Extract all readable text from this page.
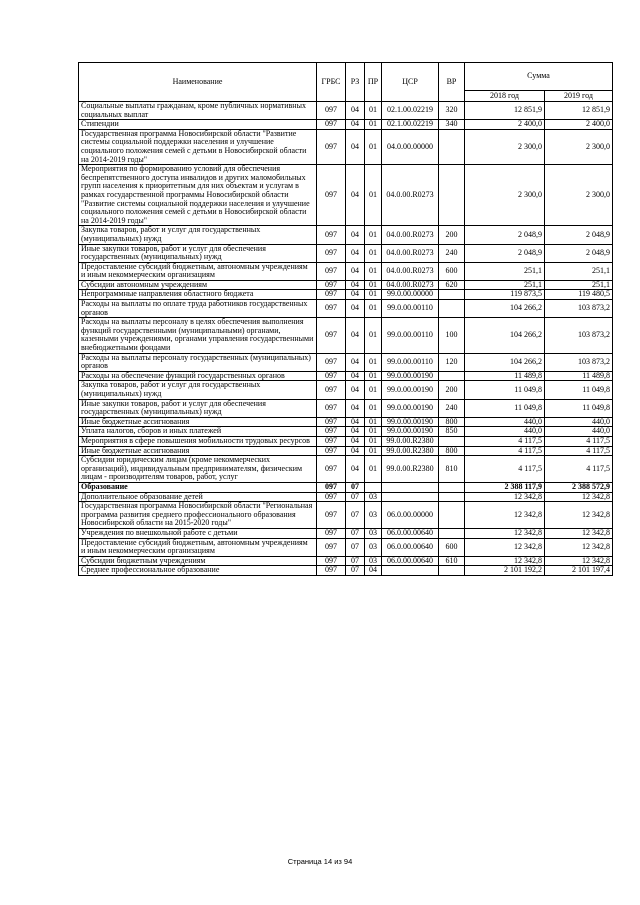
Наименование	ГРБС	РЗ	ПР	ЦСР	ВР	Сумма	
						2018 год	2019 год
Социальные выплаты гражданам, кроме публичных нормативных социальных выплат	097	04	01	02.1.00.02219	320	12 851,9	12 851,9
Стипендии	097	04	01	02.1.00.02219	340	2 400,0	2 400,0
Государственная программа Новосибирской области "Развитие системы социальной поддержки населения и улучшение социального положения семей с детьми в Новосибирской области на 2014-2019 годы"	097	04	01	04.0.00.00000		2 300,0	2 300,0
Мероприятия по формированию условий для обеспечения беспрепятственного доступа инвалидов и других маломобильных групп населения к приоритетным для них объектам и услугам в рамках государственной программы Новосибирской области "Развитие системы социальной поддержки населения и улучшение социального положения семей с детьми в Новосибирской области на 2014-2019 годы"	097	04	01	04.0.00.R0273		2 300,0	2 300,0
Закупка товаров, работ и услуг для государственных (муниципальных) нужд	097	04	01	04.0.00.R0273	200	2 048,9	2 048,9
Иные закупки товаров, работ и услуг для обеспечения государственных (муниципальных) нужд	097	04	01	04.0.00.R0273	240	2 048,9	2 048,9
Предоставление субсидий бюджетным, автономным учреждениям и иным некоммерческим организациям	097	04	01	04.0.00.R0273	600	251,1	251,1
Субсидии автономным учреждениям	097	04	01	04.0.00.R0273	620	251,1	251,1
Непрограммные направления областного бюджета	097	04	01	99.0.00.00000		119 873,5	119 480,5
Расходы на выплаты по оплате труда работников государственных органов	097	04	01	99.0.00.00110		104 266,2	103 873,2
Расходы на выплаты персоналу в целях обеспечения выполнения функций государственными (муниципальными) органами, казенными учреждениями, органами управления государственными внебюджетными фондами	097	04	01	99.0.00.00110	100	104 266,2	103 873,2
Расходы на выплаты персоналу государственных (муниципальных) органов	097	04	01	99.0.00.00110	120	104 266,2	103 873,2
Расходы на обеспечение функций государственных органов	097	04	01	99.0.00.00190		11 489,8	11 489,8
Закупка товаров, работ и услуг для государственных (муниципальных) нужд	097	04	01	99.0.00.00190	200	11 049,8	11 049,8
Иные закупки товаров, работ и услуг для обеспечения государственных (муниципальных) нужд	097	04	01	99.0.00.00190	240	11 049,8	11 049,8
Иные бюджетные ассигнования	097	04	01	99.0.00.00190	800	440,0	440,0
Уплата налогов, сборов и иных платежей	097	04	01	99.0.00.00190	850	440,0	440,0
Мероприятия в сфере повышения мобильности трудовых ресурсов	097	04	01	99.0.00.R2380		4 117,5	4 117,5
Иные бюджетные ассигнования	097	04	01	99.0.00.R2380	800	4 117,5	4 117,5
Субсидии юридическим лицам (кроме некоммерческих организаций), индивидуальным предпринимателям, физическим лицам - производителям товаров, работ, услуг	097	04	01	99.0.00.R2380	810	4 117,5	4 117,5
Образование	097	07				2 388 117,9	2 388 572,9
Дополнительное образование детей	097	07	03			12 342,8	12 342,8
Государственная программа Новосибирской области "Региональная программа развития среднего профессионального образования Новосибирской области на 2015-2020 годы"	097	07	03	06.0.00.00000		12 342,8	12 342,8
Учреждения по внешкольной работе с детьми	097	07	03	06.0.00.00640		12 342,8	12 342,8
Предоставление субсидий бюджетным, автономным учреждениям и иным некоммерческим организациям	097	07	03	06.0.00.00640	600	12 342,8	12 342,8
Субсидии бюджетным учреждениям	097	07	03	06.0.00.00640	610	12 342,8	12 342,8
Среднее профессиональное образование	097	07	04			2 101 192,2	2 101 197,4
Страница 14 из 94
